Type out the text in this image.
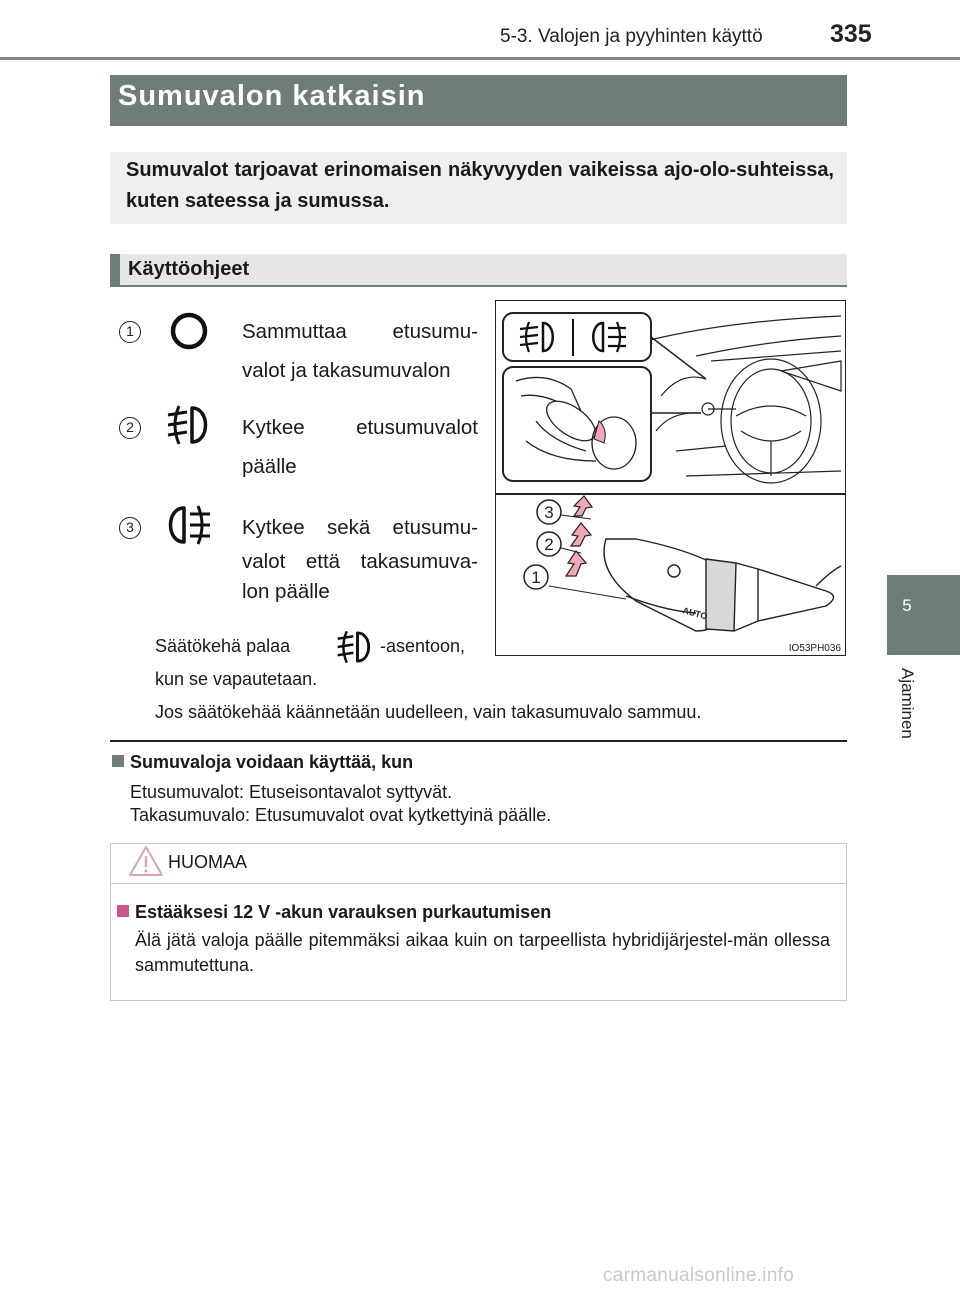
5-3. Valojen ja pyyhinten käyttö	335
5
Ajaminen
Sumuvalon katkaisin
Sumuvalot tarjoavat erinomaisen näkyvyyden vaikeissa ajo-olo-suhteissa, kuten sateessa ja sumussa.
Käyttöohjeet
1	Sammuttaa etusumu-
valot ja takasumuvalon
2	Kytkee etusumuvalot
päälle
3	Kytkee sekä etusumu-
valot että takasumuva-
lon päälle
Säätökehä palaa	-asentoon,
kun se vapautetaan.
Jos säätökehää käännetään uudelleen, vain takasumuvalo sammuu.
AUTO
3
2
1
IO53PH036
Sumuvaloja voidaan käyttää, kun
Etusumuvalot: Etuseisontavalot syttyvät.
Takasumuvalo: Etusumuvalot ovat kytkettyinä päälle.
HUOMAA
Estääksesi 12 V -akun varauksen purkautumisen
Älä jätä valoja päälle pitemmäksi aikaa kuin on tarpeellista hybridijärjestel-män ollessa sammutettuna.
carmanualsonline.info
